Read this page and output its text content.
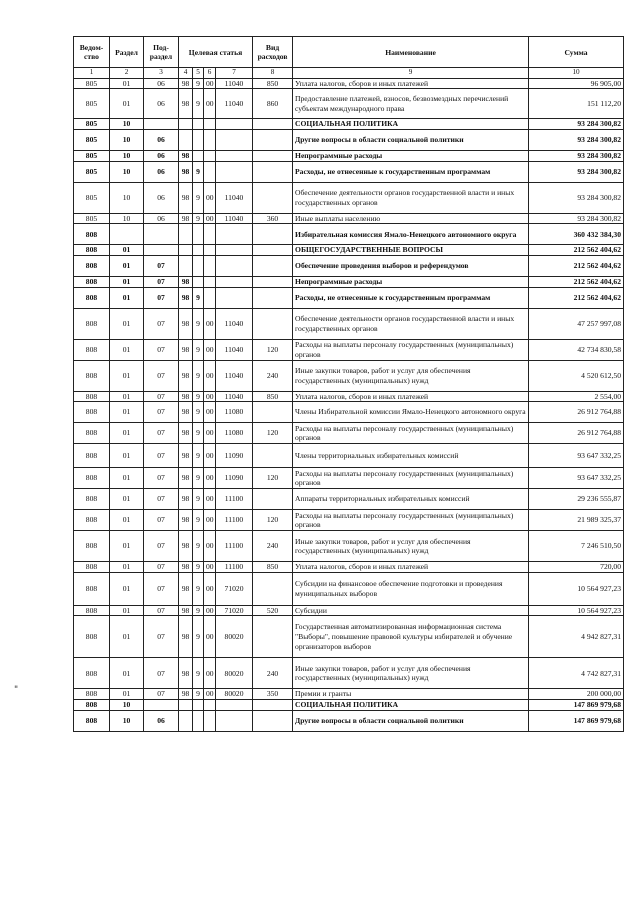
Ведом-ство	Раздел	Под-раздел	Целевая статья				Вид расходов	Наименование	Сумма
1	2	3	4	5	6	7	8	9	10
805	01	06	98	9	00	11040	850	Уплата налогов, сборов и иных платежей	96 905,00
805	01	06	98	9	00	11040	860	Предоставление платежей, взносов, безвозмездных перечислений субъектам международного права	151 112,20
805	10							СОЦИАЛЬНАЯ ПОЛИТИКА	93 284 300,82
805	10	06						Другие вопросы в области социальной политики	93 284 300,82
805	10	06	98					Непрограммные расходы	93 284 300,82
805	10	06	98	9				Расходы, не отнесенные к государственным программам	93 284 300,82
805	10	06	98	9	00	11040		Обеспечение деятельности органов государственной власти и иных государственных органов	93 284 300,82
805	10	06	98	9	00	11040	360	Иные выплаты населению	93 284 300,82
808								Избирательная комиссия Ямало-Ненецкого автономного округа	360 432 384,30
808	01							ОБЩЕГОСУДАРСТВЕННЫЕ ВОПРОСЫ	212 562 404,62
808	01	07						Обеспечение проведения выборов и референдумов	212 562 404,62
808	01	07	98					Непрограммные расходы	212 562 404,62
808	01	07	98	9				Расходы, не отнесенные к государственным программам	212 562 404,62
808	01	07	98	9	00	11040		Обеспечение деятельности органов государственной власти и иных государственных органов	47 257 997,08
808	01	07	98	9	00	11040	120	Расходы на выплаты персоналу государственных (муниципальных) органов	42 734 830,58
808	01	07	98	9	00	11040	240	Иные закупки товаров, работ и услуг для обеспечения государственных (муниципальных) нужд	4 520 612,50
808	01	07	98	9	00	11040	850	Уплата налогов, сборов и иных платежей	2 554,00
808	01	07	98	9	00	11080		Члены Избирательной комиссии Ямало-Ненецкого автономного округа	26 912 764,88
808	01	07	98	9	00	11080	120	Расходы на выплаты персоналу государственных (муниципальных) органов	26 912 764,88
808	01	07	98	9	00	11090		Члены территориальных избирательных комиссий	93 647 332,25
808	01	07	98	9	00	11090	120	Расходы на выплаты персоналу государственных (муниципальных) органов	93 647 332,25
808	01	07	98	9	00	11100		Аппараты территориальных избирательных комиссий	29 236 555,87
808	01	07	98	9	00	11100	120	Расходы на выплаты персоналу государственных (муниципальных) органов	21 989 325,37
808	01	07	98	9	00	11100	240	Иные закупки товаров, работ и услуг для обеспечения государственных (муниципальных) нужд	7 246 510,50
808	01	07	98	9	00	11100	850	Уплата налогов, сборов и иных платежей	720,00
808	01	07	98	9	00	71020		Субсидии на финансовое обеспечение подготовки и проведения муниципальных выборов	10 564 927,23
808	01	07	98	9	00	71020	520	Субсидии	10 564 927,23
808	01	07	98	9	00	80020		Государственная автоматизированная информационная система "Выборы", повышение правовой культуры избирателей и обучение организаторов выборов	4 942 827,31
808	01	07	98	9	00	80020	240	Иные закупки товаров, работ и услуг для обеспечения государственных (муниципальных) нужд	4 742 827,31
808	01	07	98	9	00	80020	350	Премии и гранты	200 000,00
808	10							СОЦИАЛЬНАЯ ПОЛИТИКА	147 869 979,68
808	10	06						Другие вопросы в области социальной политики	147 869 979,68
"
